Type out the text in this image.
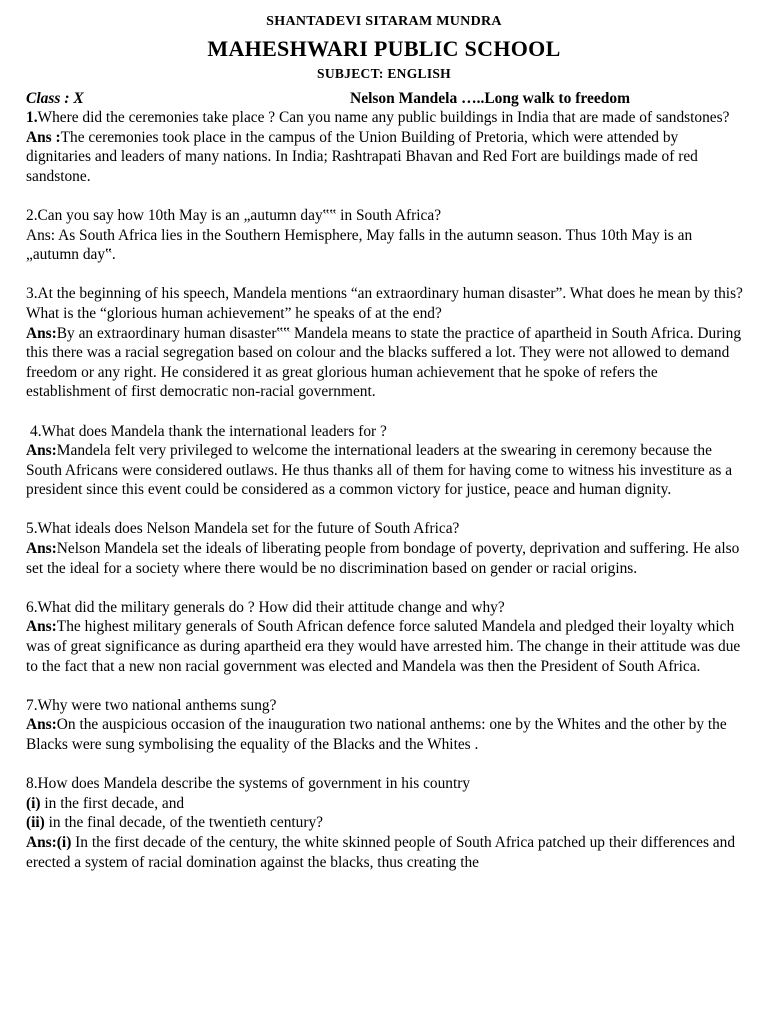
SHANTADEVI SITARAM MUNDRA
MAHESHWARI PUBLIC SCHOOL
SUBJECT: ENGLISH
Class : X	Nelson Mandela …..Long walk to freedom

1.Where did the ceremonies take place ? Can you name any public buildings in India that are made of sandstones?

Ans :The ceremonies took place in the campus of the Union Building of Pretoria, which were attended by dignitaries and leaders of many nations. In India; Rashtrapati Bhavan and Red Fort are buildings made of red sandstone.

2.Can you say how 10th May is an „autumn day‟‟ in South Africa?

Ans: As South Africa lies in the Southern Hemisphere, May falls in the autumn season. Thus 10th May is an „autumn day‟.

3.At the beginning of his speech, Mandela mentions “an extraordinary human disaster”. What does he mean by this? What is the “glorious human achievement” he speaks of at the end?

Ans:By an extraordinary human disaster‟‟ Mandela means to state the practice of apartheid in South Africa. During this there was a racial segregation based on colour and the blacks suffered a lot. They were not allowed to demand freedom or any right. He considered it as great glorious human achievement that he spoke of refers the establishment of first democratic non-racial government.

4.What does Mandela thank the international leaders for ?

Ans:Mandela felt very privileged to welcome the international leaders at the swearing in ceremony because the South Africans were considered outlaws. He thus thanks all of them for having come to witness his investiture as a president since this event could be considered as a common victory for justice, peace and human dignity.

5.What ideals does Nelson Mandela set for the future of South Africa?

Ans:Nelson Mandela set the ideals of liberating people from bondage of poverty, deprivation and suffering. He also set the ideal for a society where there would be no discrimination based on gender or racial origins.

6.What did the military generals do ? How did their attitude change and why?

Ans:The highest military generals of South African defence force saluted Mandela and pledged their loyalty which was of great significance as during apartheid era they would have arrested him. The change in their attitude was due to the fact that a new non racial government was elected and Mandela was then the President of South Africa.

7.Why were two national anthems sung?

Ans:On the auspicious occasion of the inauguration two national anthems: one by the Whites and the other by the Blacks were sung symbolising the equality of the Blacks and the Whites .

8.How does Mandela describe the systems of government in his country

(i) in the first decade, and

(ii) in the final decade, of the twentieth century?

Ans:(i) In the first decade of the century, the white skinned people of South Africa patched up their differences and erected a system of racial domination against the blacks, thus creating the
